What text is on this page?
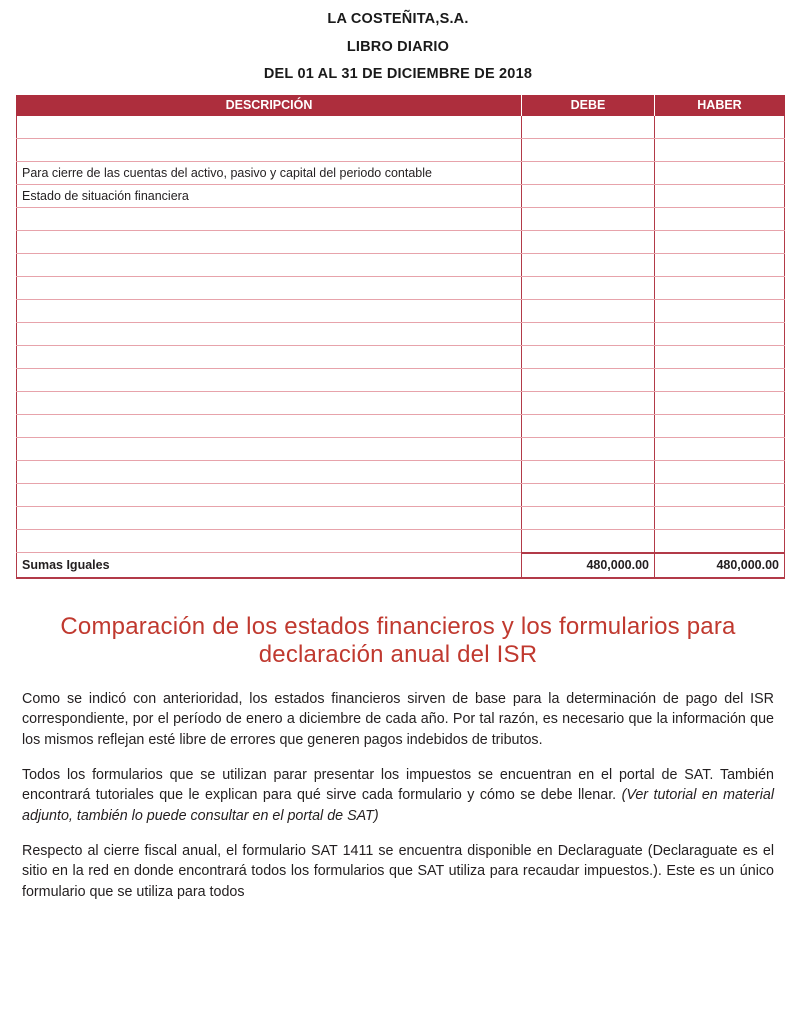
LA COSTEÑITA,S.A.
LIBRO DIARIO
DEL 01 AL 31 DE DICIEMBRE DE 2018
DESCRIPCIÓN	DEBE	HABER

Para cierre de las cuentas del activo, pasivo y capital del periodo contable		
Estado de situación financiera		

Sumas Iguales	480,000.00	480,000.00
Comparación de los estados financieros y los formularios para declaración anual del ISR

Como se indicó con anterioridad, los estados financieros sirven de base para la determinación de pago del ISR correspondiente, por el período de enero a diciembre de cada año. Por tal razón, es necesario que la información que los mismos reflejan esté libre de errores que generen pagos indebidos de tributos.

Todos los formularios que se utilizan parar presentar los impuestos se encuentran en el portal de SAT. También encontrará tutoriales que le explican para qué sirve cada formulario y cómo se debe llenar. (Ver tutorial en material adjunto, también lo puede consultar en el portal de SAT)

Respecto al cierre fiscal anual, el formulario SAT 1411 se encuentra disponible en Declaraguate (Declaraguate es el sitio en la red en donde encontrará todos los formularios que SAT utiliza para recaudar impuestos.). Este es un único formulario que se utiliza para todos
